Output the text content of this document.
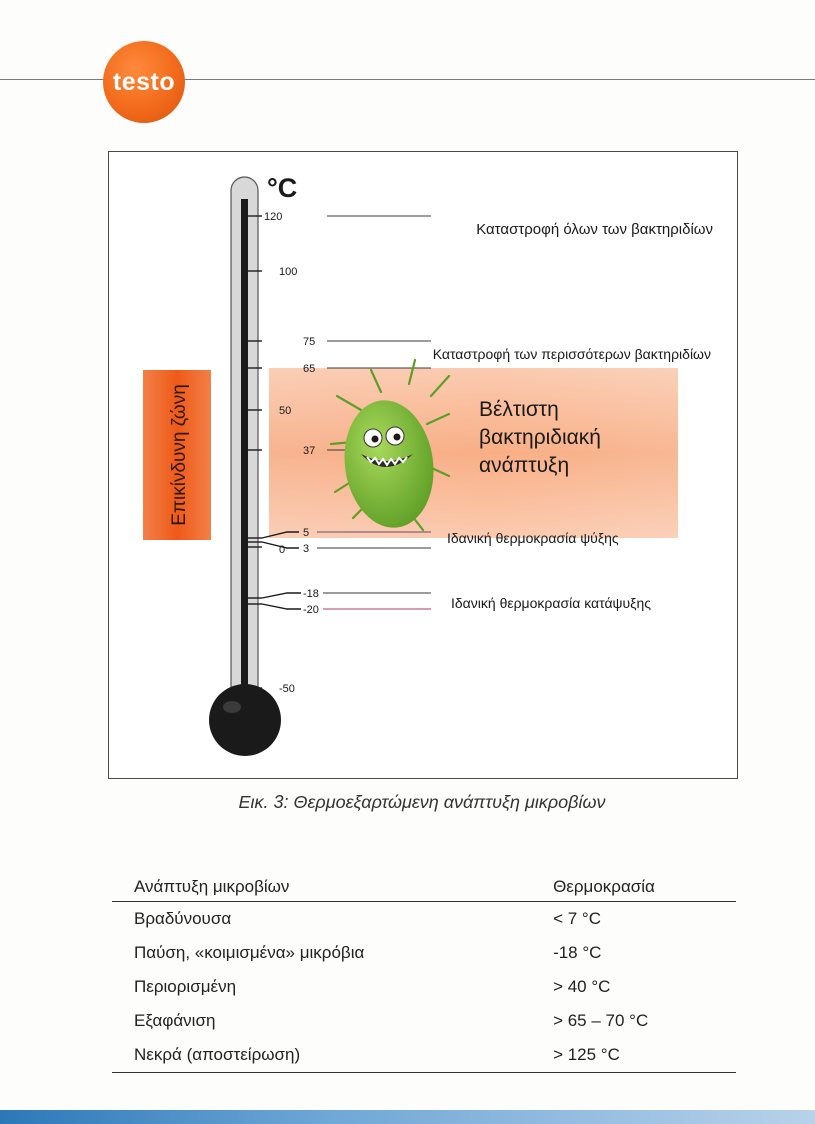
testo
Επικίνδυνη ζώνη
°C
120
100
75
65
50
37
5
3
0
-18
-20
-50
Καταστροφή όλων των βακτηριδίων
Καταστροφή των περισσότερων βακτηριδίων
Ιδανική θερμοκρασία ψύξης
Ιδανική θερμοκρασία κατάψυξης
Βέλτιστη
βακτηριδιακή
ανάπτυξη
Εικ. 3: Θερμοεξαρτώμενη ανάπτυξη μικροβίων
Ανάπτυξη μικροβίων	Θερμοκρασία
Βραδύνουσα	< 7 °C
Παύση, «κοιμισμένα» μικρόβια	-18 °C
Περιορισμένη	> 40 °C
Εξαφάνιση	> 65 – 70 °C
Νεκρά (αποστείρωση)	> 125 °C
